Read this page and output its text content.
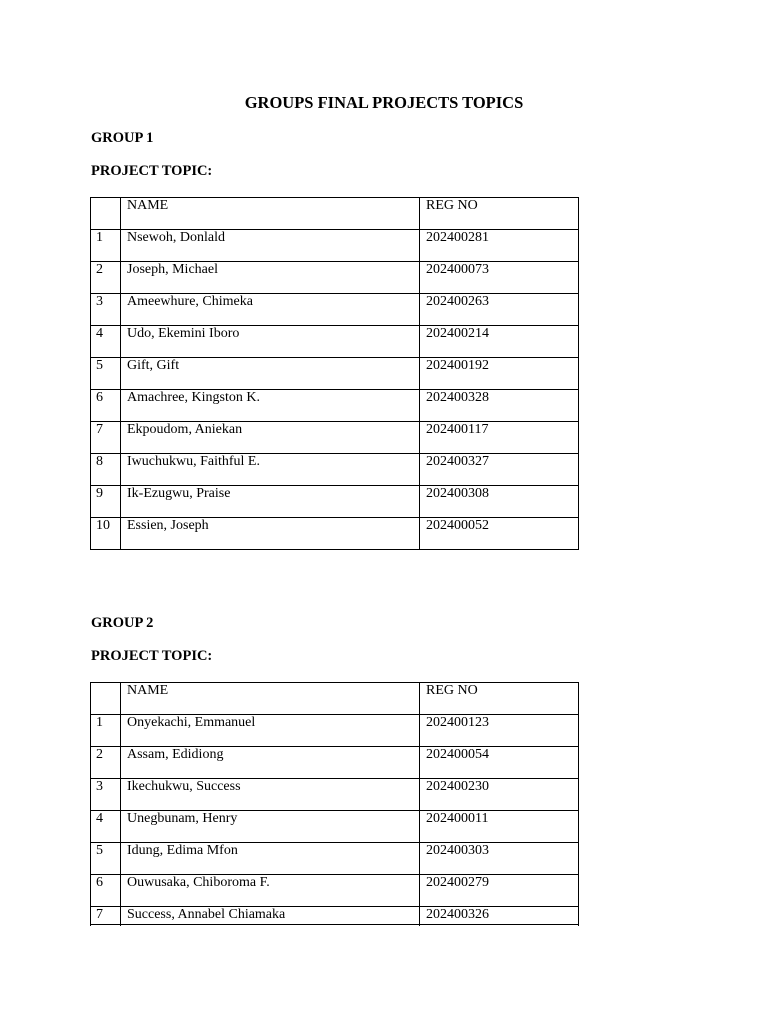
GROUPS FINAL PROJECTS TOPICS
GROUP 1
PROJECT TOPIC:
	NAME	REG NO
1	Nsewoh, Donlald	202400281
2	Joseph, Michael	202400073
3	Ameewhure, Chimeka	202400263
4	Udo, Ekemini Iboro	202400214
5	Gift, Gift	202400192
6	Amachree, Kingston K.	202400328
7	Ekpoudom, Aniekan	202400117
8	Iwuchukwu, Faithful E.	202400327
9	Ik-Ezugwu, Praise	202400308
10	Essien, Joseph	202400052
GROUP 2
PROJECT TOPIC:
	NAME	REG NO
1	Onyekachi, Emmanuel	202400123
2	Assam, Edidiong	202400054
3	Ikechukwu, Success	202400230
4	Unegbunam, Henry	202400011
5	Idung, Edima Mfon	202400303
6	Ouwusaka, Chiboroma F.	202400279
7	Success, Annabel Chiamaka	202400326
